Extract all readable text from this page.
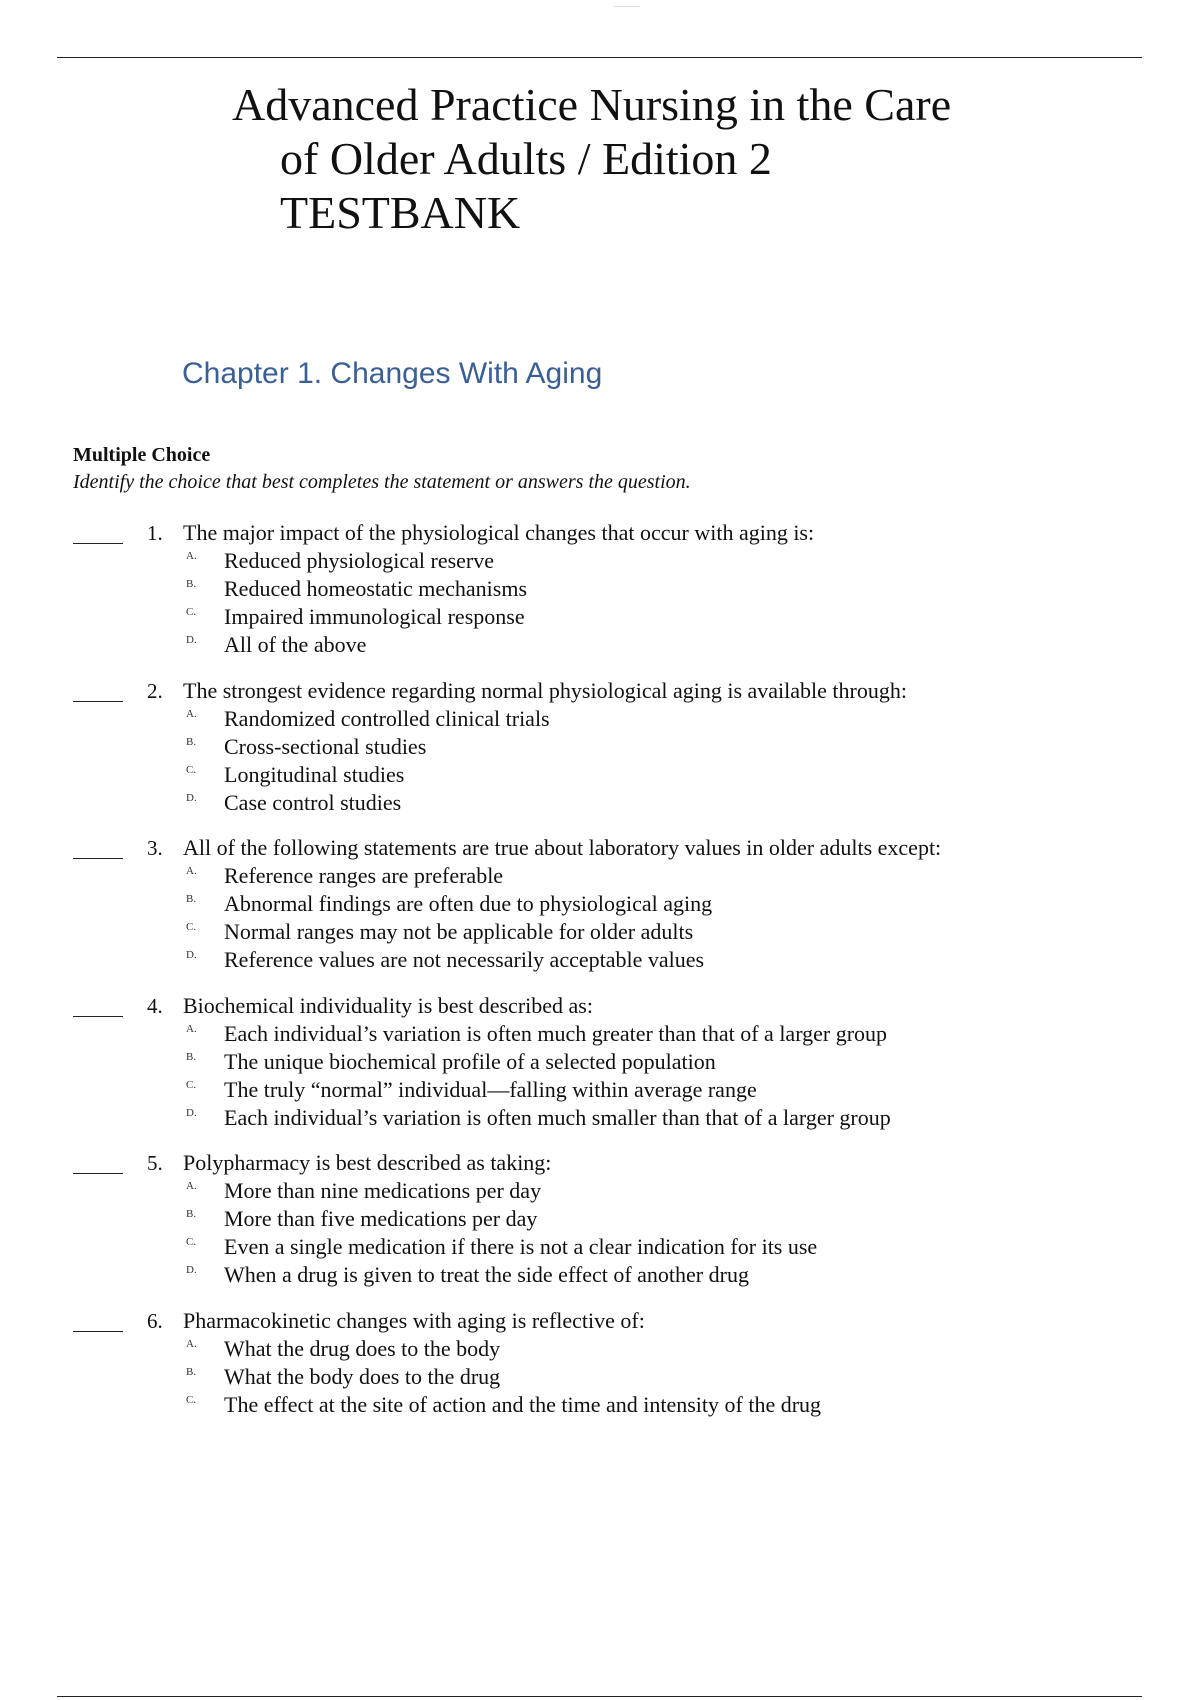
Advanced Practice Nursing in the Care
of Older Adults / Edition 2
TESTBANK
Chapter 1. Changes With Aging
Multiple Choice
Identify the choice that best completes the statement or answers the question.
1. The major impact of the physiological changes that occur with aging is:
A. Reduced physiological reserve
B. Reduced homeostatic mechanisms
C. Impaired immunological response
D. All of the above
2. The strongest evidence regarding normal physiological aging is available through:
A. Randomized controlled clinical trials
B. Cross-sectional studies
C. Longitudinal studies
D. Case control studies
3. All of the following statements are true about laboratory values in older adults except:
A. Reference ranges are preferable
B. Abnormal findings are often due to physiological aging
C. Normal ranges may not be applicable for older adults
D. Reference values are not necessarily acceptable values
4. Biochemical individuality is best described as:
A. Each individual’s variation is often much greater than that of a larger group
B. The unique biochemical profile of a selected population
C. The truly “normal” individual—falling within average range
D. Each individual’s variation is often much smaller than that of a larger group
5. Polypharmacy is best described as taking:
A. More than nine medications per day
B. More than five medications per day
C. Even a single medication if there is not a clear indication for its use
D. When a drug is given to treat the side effect of another drug
6. Pharmacokinetic changes with aging is reflective of:
A. What the drug does to the body
B. What the body does to the drug
C. The effect at the site of action and the time and intensity of the drug
